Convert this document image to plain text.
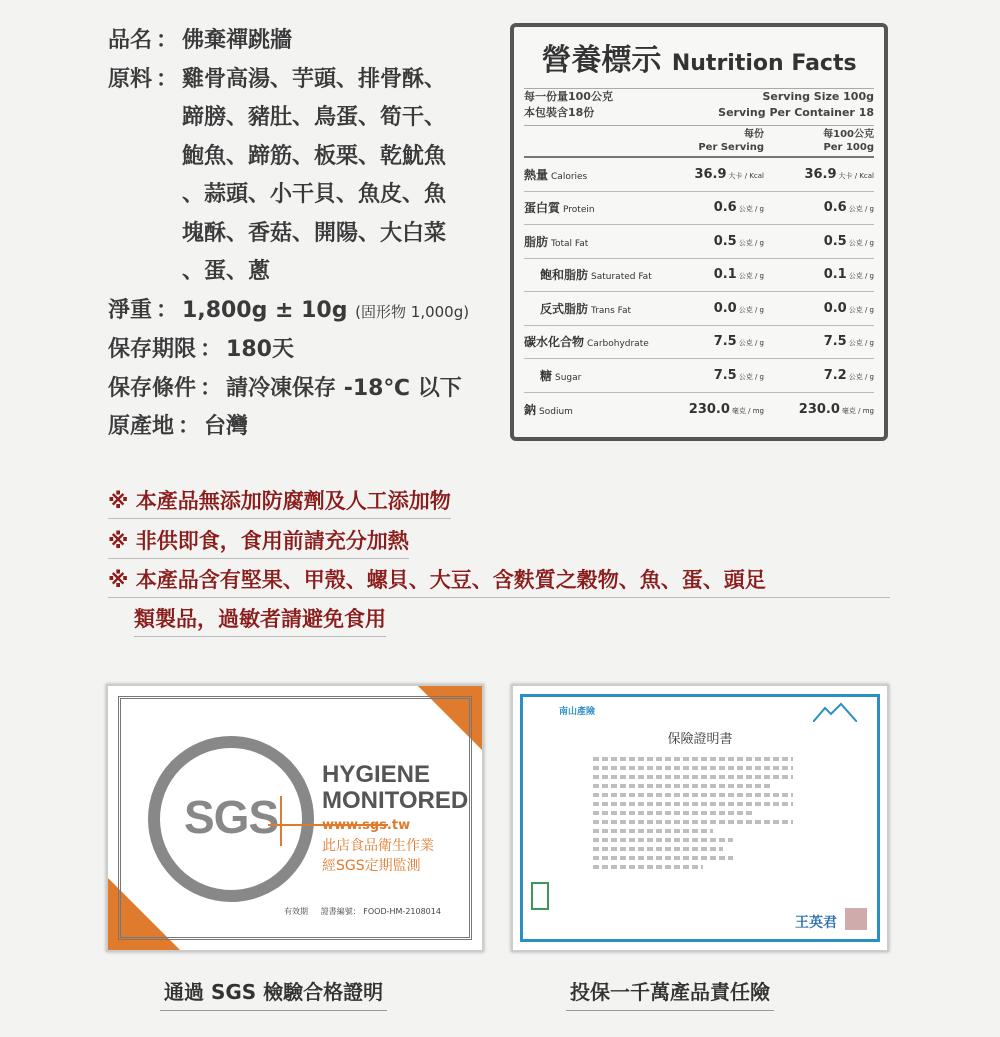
品名 ： 佛棄禪跳牆
原料 ： 雞骨高湯、芋頭、排骨酥、
蹄膀、豬肚、鳥蛋、筍干、
鮑魚、蹄筋、板栗、乾魷魚
、蒜頭、小干貝、魚皮、魚
塊酥、香菇、開陽、大白菜
、蛋、蔥
淨重 ： 1,800g ± 10g (固形物 1,000g)
保存期限 ： 180天
保存條件 ： 請冷凍保存 -18℃ 以下
原產地 ： 台灣
營養標示 Nutrition Facts
每一份量100公克	Serving Size 100g
本包裝含18份	Serving Per Container 18
每份
Per Serving
每100公克
Per 100g
熱量 Calories	36.9 大卡 / Kcal	36.9 大卡 / Kcal
蛋白質 Protein	0.6 公克 / g	0.6 公克 / g
脂肪 Total Fat	0.5 公克 / g	0.5 公克 / g
飽和脂肪 Saturated Fat	0.1 公克 / g	0.1 公克 / g
反式脂肪 Trans Fat	0.0 公克 / g	0.0 公克 / g
碳水化合物 Carbohydrate	7.5 公克 / g	7.5 公克 / g
糖 Sugar	7.5 公克 / g	7.2 公克 / g
鈉 Sodium	230.0 毫克 / mg	230.0 毫克 / mg
※ 本產品無添加防腐劑及人工添加物
※ 非供即食，食用前請充分加熱
※ 本產品含有堅果、甲殼、螺貝、大豆、含麩質之穀物、魚、蛋、頭足
類製品，過敏者請避免食用
SGS
HYGIENE
MONITORED
www.sgs.tw
此店食品衛生作業
經SGS定期監測
有效期 證書編號： FOOD-HM-2108014
南山產險
保險證明書
王英君
通過 SGS 檢驗合格證明	投保一千萬產品責任險
